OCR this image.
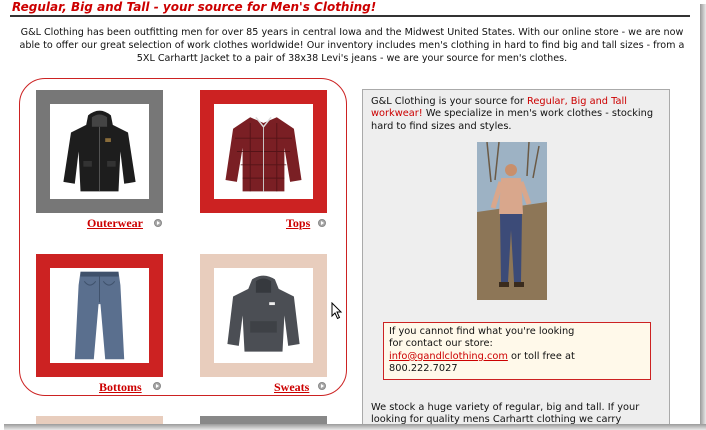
Regular, Big and Tall - your source for Men's Clothing!

G&L Clothing has been outfitting men for over 85 years in central Iowa and the Midwest United States. With our online store - we are now able to offer our great selection of work clothes worldwide! Our inventory includes men's clothing in hard to find big and tall sizes - from a 5XL Carhartt Jacket to a pair of 38x38 Levi's jeans - we are your source for men's clothes.

Outerwear	Tops
Bottoms	Sweats

G&L Clothing is your source for Regular, Big and Tall workwear! We specialize in men's work clothes - stocking hard to find sizes and styles.

If you cannot find what you're looking
for contact our store:
info@gandlclothing.com or toll free at
800.222.7027

We stock a huge variety of regular, big and tall. If your looking for quality mens Carhartt clothing we carry
